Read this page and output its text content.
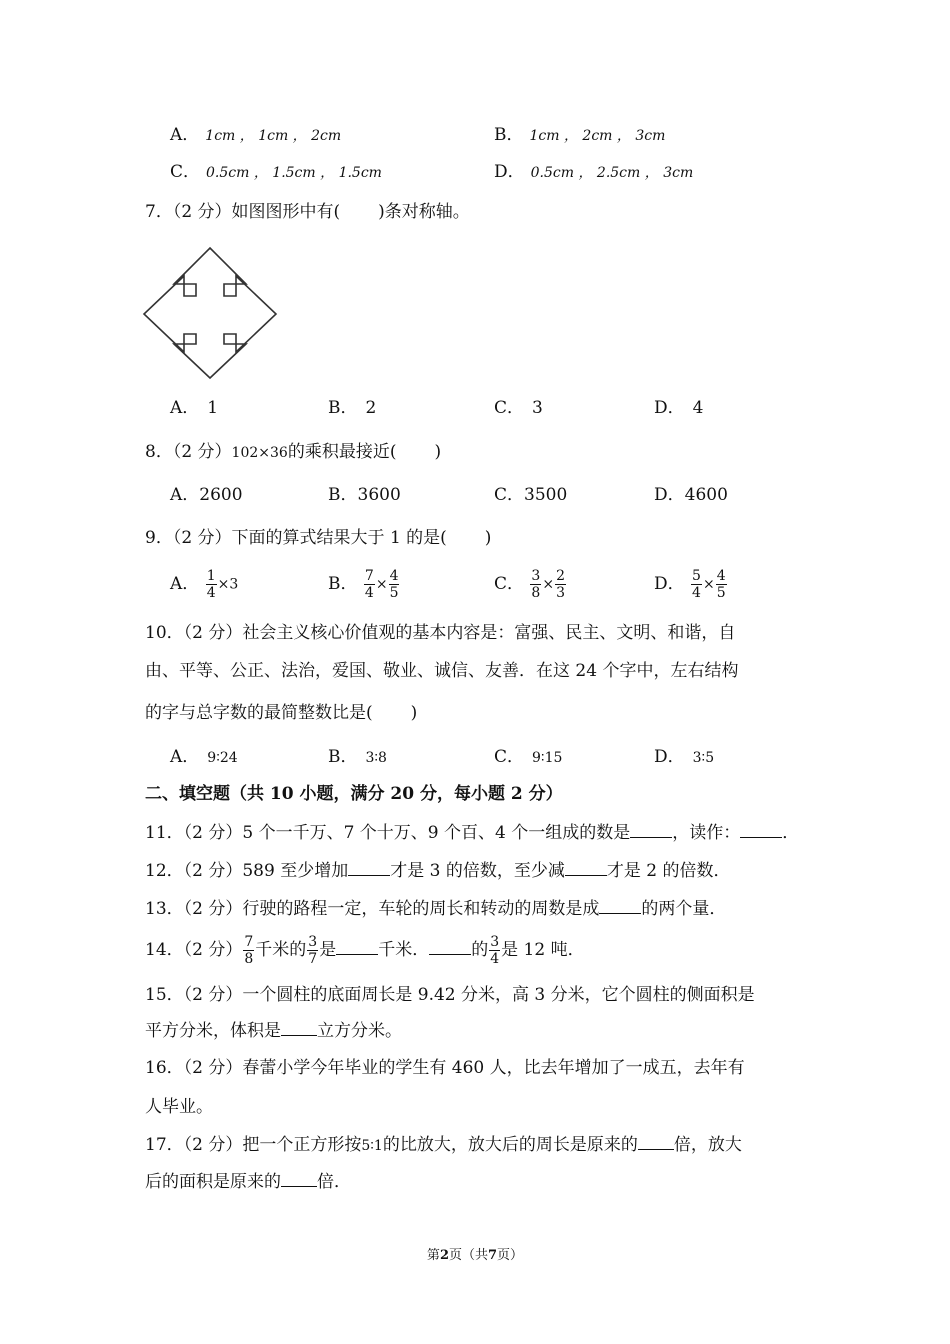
A． 1cm ， 1cm ， 2cm	B． 1cm ， 2cm ， 3cm
C． 0.5cm ， 1.5cm ， 1.5cm	D． 0.5cm ， 2.5cm ， 3cm
7．（2 分）如图图形中有( )条对称轴。
A． 1	B． 2	C． 3	D． 4
8．（2 分）102×36的乘积最接近( )
A．2600	B．3600	C．3500	D．4600
9．（2 分）下面的算式结果大于 1 的是( )
A． $\frac{1}{4} \times 3$	B． $\frac{7}{4} \times \frac{4}{5}$	C． $\frac{3}{8} \times \frac{2}{3}$	D． $\frac{5}{4} \times \frac{4}{5}$
10．（2 分）社会主义核心价值观的基本内容是：富强、民主、文明、和谐，自
由、平等、公正、法治，爱国、敬业、诚信、友善．在这 24 个字中，左右结构
的字与总字数的最简整数比是( )
A． 9∶24	B． 3∶8	C． 9∶15	D． 3∶5
二、填空题（共 10 小题，满分 20 分，每小题 2 分）
11．（2 分）5 个一千万、7 个十万、9 个百、4 个一组成的数是 ，读作： ．
12．（2 分）589 至少增加 才是 3 的倍数，至少减 才是 2 的倍数．
13．（2 分）行驶的路程一定，车轮的周长和转动的周数是成 的两个量．
14．（2 分） $\frac{7}{8}$ 千米的 $\frac{3}{7}$ 是 千米． 的 $\frac{3}{4}$ 是 12 吨．
15．（2 分）一个圆柱的底面周长是 9.42 分米，高 3 分米，它个圆柱的侧面积是
平方分米，体积是 立方分米。
16．（2 分）春蕾小学今年毕业的学生有 460 人，比去年增加了一成五，去年有
人毕业。
17．（2 分）把一个正方形按5∶1的比放大，放大后的周长是原来的 倍，放大
后的面积是原来的 倍．
第2页（共7页）
